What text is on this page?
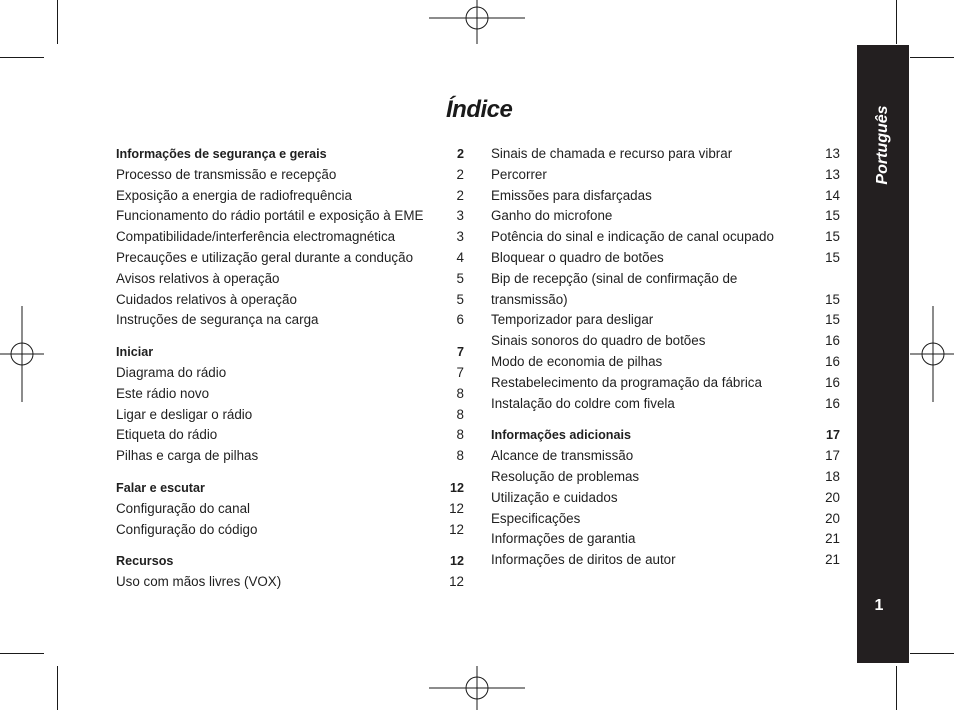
Índice
Informações de segurança e gerais	2
Processo de transmissão e recepção	2
Exposição a energia de radiofrequência	2
Funcionamento do rádio portátil e exposição à EME	3
Compatibilidade/interferência electromagnética	3
Precauções e utilização geral durante a condução	4
Avisos relativos à operação	5
Cuidados relativos à operação	5
Instruções de segurança na carga	6
Iniciar	7
Diagrama do rádio	7
Este rádio novo	8
Ligar e desligar o rádio	8
Etiqueta do rádio	8
Pilhas e carga de pilhas	8
Falar e escutar	12
Configuração do canal	12
Configuração do código	12
Recursos	12
Uso com mãos livres (VOX)	12
Sinais de chamada e recurso para vibrar	13
Percorrer	13
Emissões para disfarçadas	14
Ganho do microfone	15
Potência do sinal e indicação de canal ocupado	15
Bloquear o quadro de botões	15
Bip de recepção (sinal de confirmação de transmissão)	15
Temporizador para desligar	15
Sinais sonoros do quadro de botões	16
Modo de economia de pilhas	16
Restabelecimento da programação da fábrica	16
Instalação do coldre com fivela	16
Informações adicionais	17
Alcance de transmissão	17
Resolução de problemas	18
Utilização e cuidados	20
Especificações	20
Informações de garantia	21
Informações de diritos de autor	21
Português
1
